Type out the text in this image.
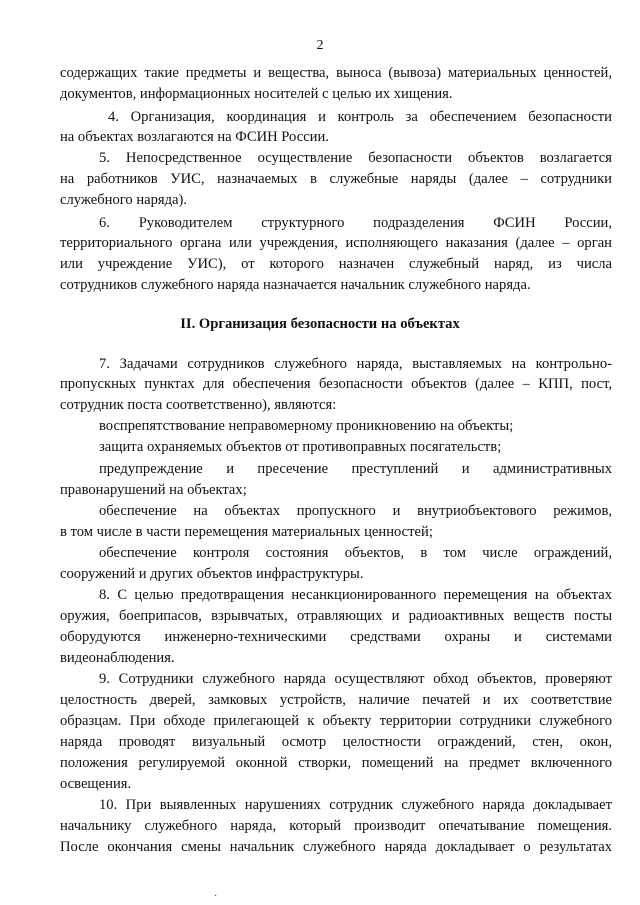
2
содержащих такие предметы и вещества, выноса (вывоза) материальных ценностей,
документов, информационных носителей с целью их хищения.
4. Организация, координация и контроль за обеспечением безопасности
на объектах возлагаются на ФСИН России.
5. Непосредственное осуществление безопасности объектов возлагается
на работников УИС, назначаемых в служебные наряды (далее – сотрудники
служебного наряда).
6. Руководителем структурного подразделения ФСИН России,
территориального органа или учреждения, исполняющего наказания (далее – орган
или учреждение УИС), от которого назначен служебный наряд, из числа
сотрудников служебного наряда назначается начальник служебного наряда.
II. Организация безопасности на объектах
7. Задачами сотрудников служебного наряда, выставляемых на контрольно-
пропускных пунктах для обеспечения безопасности объектов (далее – КПП, пост,
сотрудник поста соответственно), являются:
воспрепятствование неправомерному проникновению на объекты;
защита охраняемых объектов от противоправных посягательств;
предупреждение и пресечение преступлений и административных
правонарушений на объектах;
обеспечение на объектах пропускного и внутриобъектового режимов,
в том числе в части перемещения материальных ценностей;
обеспечение контроля состояния объектов, в том числе ограждений,
сооружений и других объектов инфраструктуры.
8. С целью предотвращения несанкционированного перемещения на объектах
оружия, боеприпасов, взрывчатых, отравляющих и радиоактивных веществ посты
оборудуются инженерно-техническими средствами охраны и системами
видеонаблюдения.
9. Сотрудники служебного наряда осуществляют обход объектов, проверяют
целостность дверей, замковых устройств, наличие печатей и их соответствие
образцам. При обходе прилегающей к объекту территории сотрудники служебного
наряда проводят визуальный осмотр целостности ограждений, стен, окон,
положения регулируемой оконной створки, помещений на предмет включенного
освещения.
10. При выявленных нарушениях сотрудник служебного наряда докладывает
начальнику служебного наряда, который производит опечатывание помещения.
После окончания смены начальник служебного наряда докладывает о результатах
·
